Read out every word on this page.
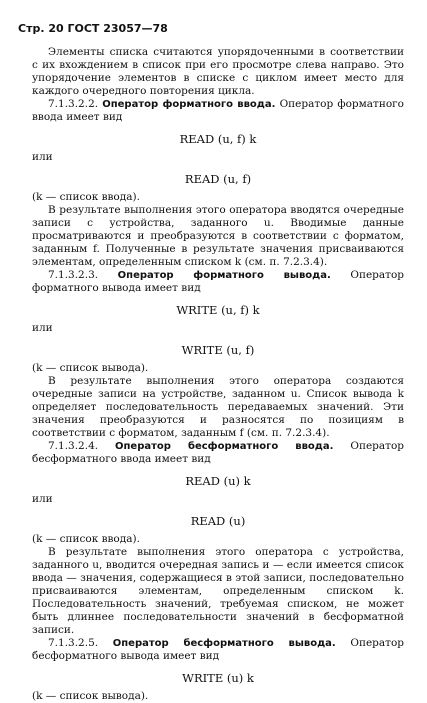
Стр. 20 ГОСТ 23057—78

Элементы списка считаются упорядоченными в соответствии с их вхождением в список при его просмотре слева направо. Это упорядочение элементов в списке с циклом имеет место для каждого очередного повторения цикла.

7.1.3.2.2. Оператор форматного ввода. Оператор форматного ввода имеет вид

READ (u, f) k

или

READ (u, f)

(k — список ввода).

В результате выполнения этого оператора вводятся очередные записи с устройства, заданного u. Вводимые данные просматриваются и преобразуются в соответствии с форматом, заданным f. Полученные в результате значения присваиваются элементам, определенным списком k (см. п. 7.2.3.4).

7.1.3.2.3. Оператор форматного вывода. Оператор форматного вывода имеет вид

WRITE (u, f) k

или

WRITE (u, f)

(k — список вывода).

В результате выполнения этого оператора создаются очередные записи на устройстве, заданном u. Список вывода k определяет последовательность передаваемых значений. Эти значения преобразуются и разносятся по позициям в соответствии с форматом, заданным f (см. п. 7.2.3.4).

7.1.3.2.4. Оператор бесформатного ввода. Оператор бесформатного ввода имеет вид

READ (u) k

или

READ (u)

(k — список ввода).

В результате выполнения этого оператора с устройства, заданного u, вводится очередная запись и — если имеется список ввода — значения, содержащиеся в этой записи, последовательно присваиваются элементам, определенным списком k. Последовательность значений, требуемая списком, не может быть длиннее последовательности значений в бесформатной записи.

7.1.3.2.5. Оператор бесформатного вывода. Оператор бесформатного вывода имеет вид

WRITE (u) k

(k — список вывода).
